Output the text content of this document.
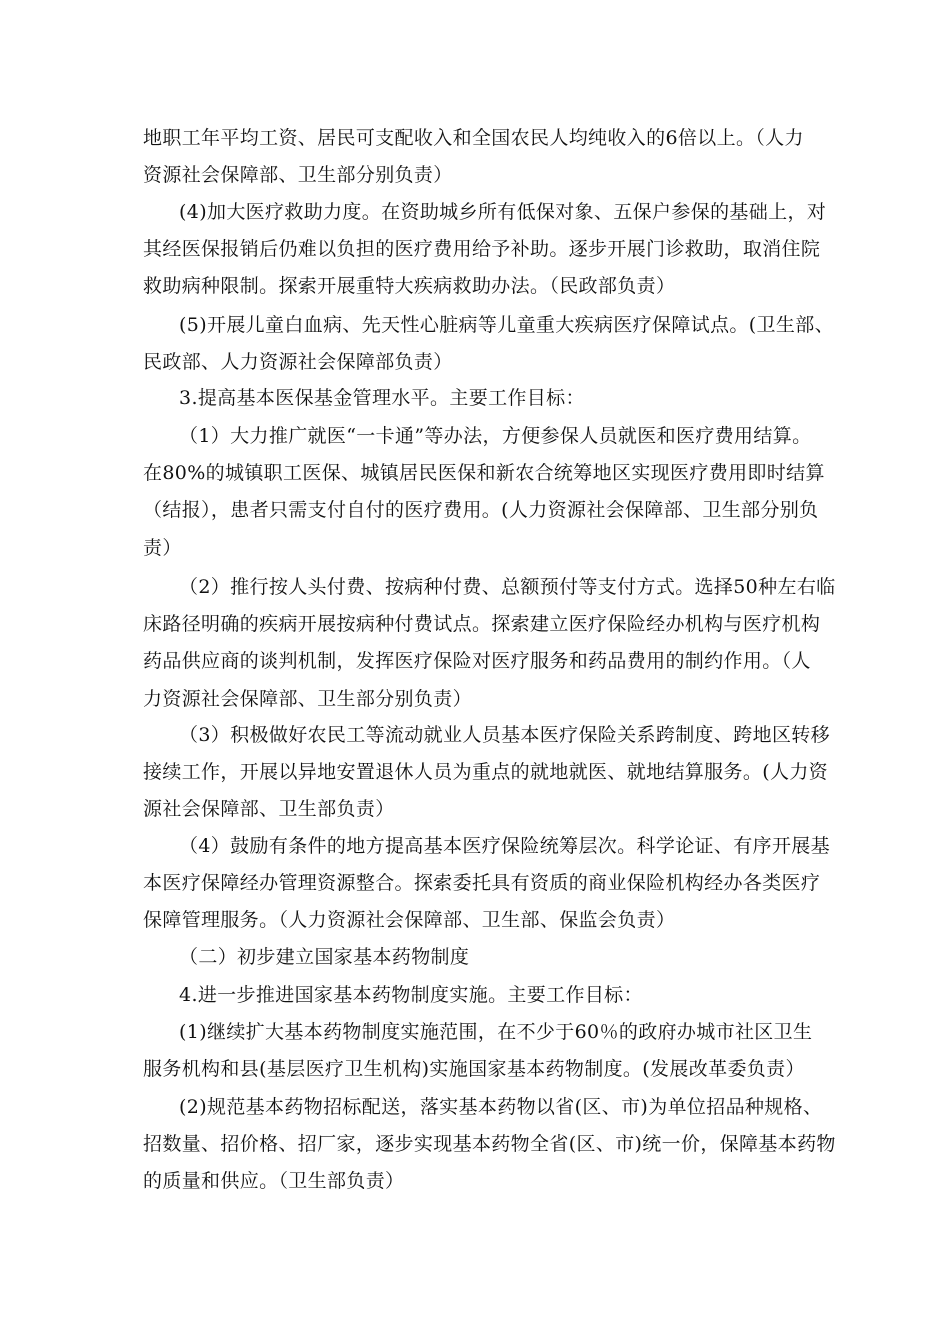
地职工年平均工资、居民可支配收入和全国农民人均纯收入的6倍以上。（人力
资源社会保障部、卫生部分别负责）
(4)加大医疗救助力度。在资助城乡所有低保对象、五保户参保的基础上，对
其经医保报销后仍难以负担的医疗费用给予补助。逐步开展门诊救助，取消住院
救助病种限制。探索开展重特大疾病救助办法。（民政部负责）
(5)开展儿童白血病、先天性心脏病等儿童重大疾病医疗保障试点。(卫生部、
民政部、人力资源社会保障部负责）
3.提高基本医保基金管理水平。主要工作目标：
（1）大力推广就医“一卡通”等办法，方便参保人员就医和医疗费用结算。
在80%的城镇职工医保、城镇居民医保和新农合统筹地区实现医疗费用即时结算
（结报），患者只需支付自付的医疗费用。(人力资源社会保障部、卫生部分别负
责）
（2）推行按人头付费、按病种付费、总额预付等支付方式。选择50种左右临
床路径明确的疾病开展按病种付费试点。探索建立医疗保险经办机构与医疗机构
药品供应商的谈判机制，发挥医疗保险对医疗服务和药品费用的制约作用。（人
力资源社会保障部、卫生部分别负责）
（3）积极做好农民工等流动就业人员基本医疗保险关系跨制度、跨地区转移
接续工作，开展以异地安置退休人员为重点的就地就医、就地结算服务。(人力资
源社会保障部、卫生部负责）
（4）鼓励有条件的地方提高基本医疗保险统筹层次。科学论证、有序开展基
本医疗保障经办管理资源整合。探索委托具有资质的商业保险机构经办各类医疗
保障管理服务。（人力资源社会保障部、卫生部、保监会负责）
（二）初步建立国家基本药物制度
4.进一步推进国家基本药物制度实施。主要工作目标：
(1)继续扩大基本药物制度实施范围，在不少于60％的政府办城市社区卫生
服务机构和县(基层医疗卫生机构)实施国家基本药物制度。(发展改革委负责）
(2)规范基本药物招标配送，落实基本药物以省(区、市)为单位招品种规格、
招数量、招价格、招厂家，逐步实现基本药物全省(区、市)统一价，保障基本药物
的质量和供应。（卫生部负责）
